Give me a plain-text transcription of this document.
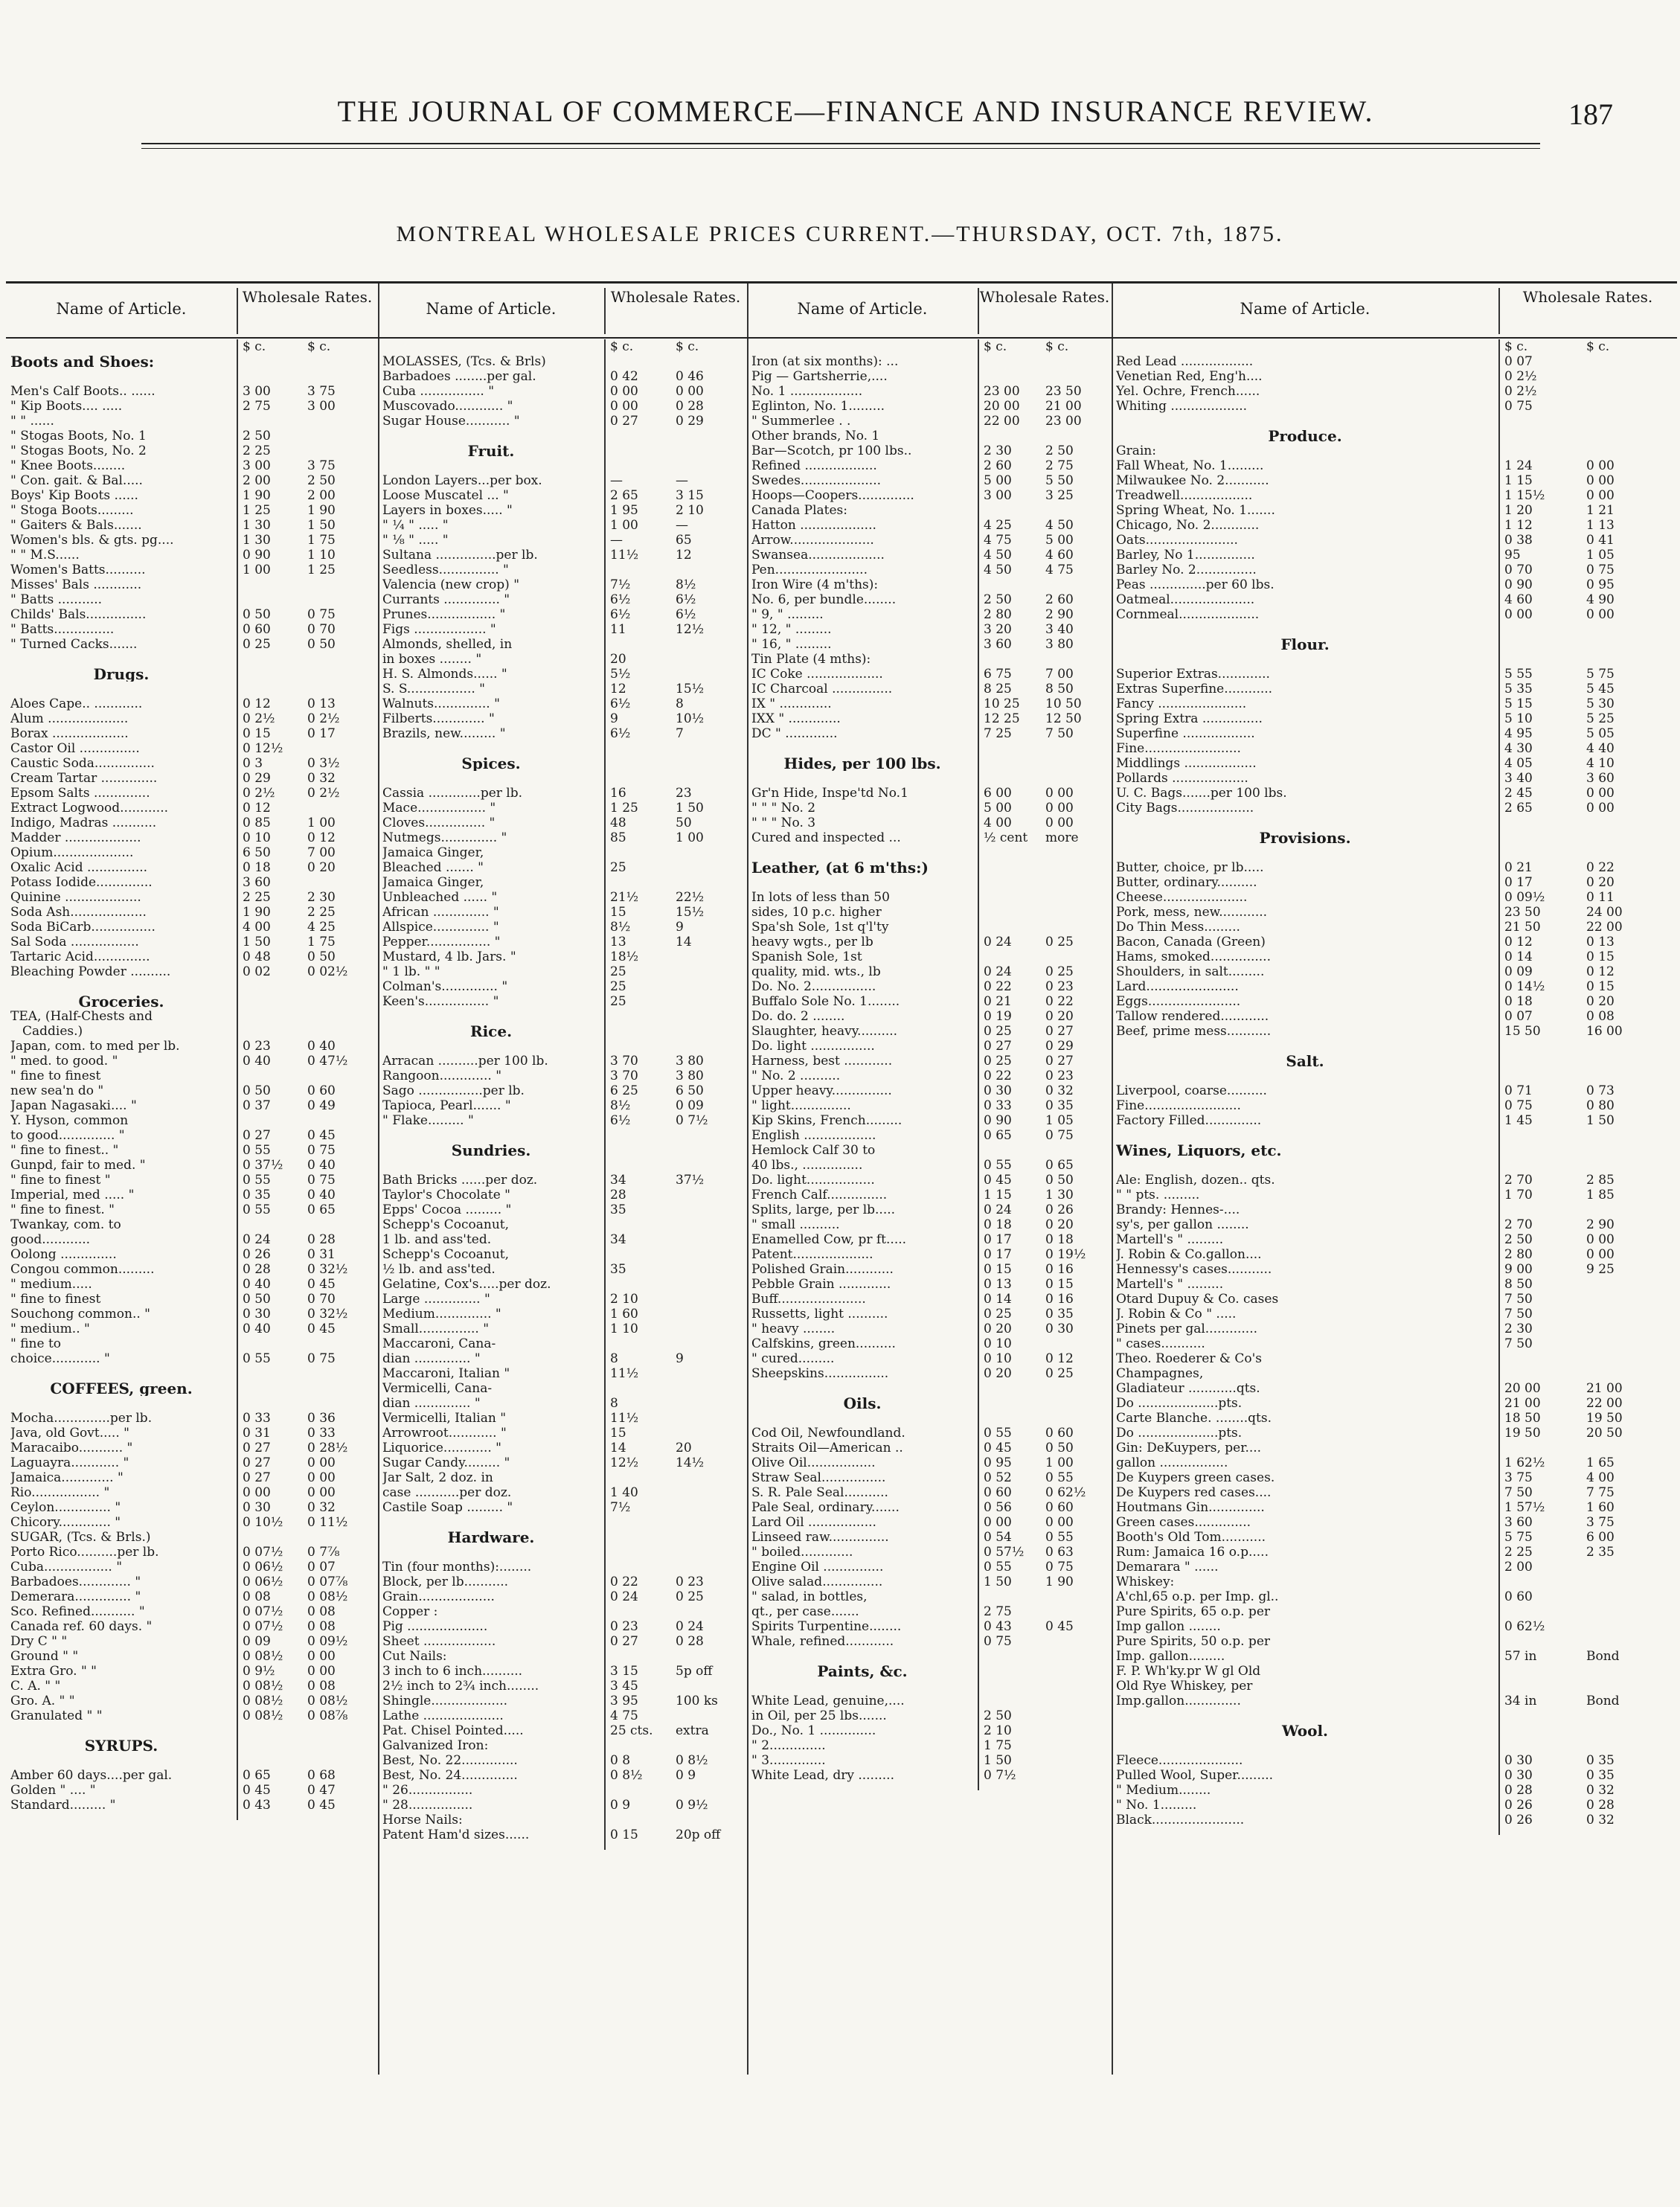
THE JOURNAL OF COMMERCE—FINANCE AND INSURANCE REVIEW.	187
MONTREAL WHOLESALE PRICES CURRENT.—THURSDAY, OCT. 7th, 1875.
Name of Article.
Wholesale Rates.
$ c.	$ c.
Boots and Shoes:
Men's Calf Boots.. ......	3 00	3 75
" Kip Boots.... .....	2 75	3 00
" " ......
" Stogas Boots, No. 1	2 50
" Stogas Boots, No. 2	2 25
" Knee Boots........	3 00	3 75
" Con. gait. & Bal.....	2 00	2 50
Boys' Kip Boots ......	1 90	2 00
" Stoga Boots.........	1 25	1 90
" Gaiters & Bals.......	1 30	1 50
Women's bls. & gts. pg....	1 30	1 75
" " M.S......	0 90	1 10
Women's Batts..........	1 00	1 25
Misses' Bals ............
" Batts ...........
Childs' Bals...............	0 50	0 75
" Batts...............	0 60	0 70
" Turned Cacks.......	0 25	0 50
Drugs.
Aloes Cape.. ............	0 12	0 13
Alum ....................	0 2½	0 2½
Borax ...................	0 15	0 17
Castor Oil ...............	0 12½
Caustic Soda...............	0 3	0 3½
Cream Tartar ..............	0 29	0 32
Epsom Salts ..............	0 2½	0 2½
Extract Logwood............	0 12
Indigo, Madras ...........	0 85	1 00
Madder ...................	0 10	0 12
Opium....................	6 50	7 00
Oxalic Acid ...............	0 18	0 20
Potass Iodide..............	3 60
Quinine ...................	2 25	2 30
Soda Ash...................	1 90	2 25
Soda BiCarb................	4 00	4 25
Sal Soda .................	1 50	1 75
Tartaric Acid..............	0 48	0 50
Bleaching Powder ..........	0 02	0 02½
Groceries.
TEA, (Half-Chests and
Caddies.)
Japan, com. to med per lb.	0 23	0 40
" med. to good. "	0 40	0 47½
" fine to finest
new sea'n do "	0 50	0 60
Japan Nagasaki.... "	0 37	0 49
Y. Hyson, common
to good.............. "	0 27	0 45
" fine to finest.. "	0 55	0 75
Gunpd, fair to med. "	0 37½ 0 40
" fine to finest "	0 55	0 75
Imperial, med ..... "	0 35	0 40
" fine to finest. "	0 55	0 65
Twankay, com. to
good............	0 24	0 28
Oolong ..............	0 26	0 31
Congou common.........	0 28	0 32½
" medium.....	0 40	0 45
" fine to finest	0 50	0 70
Souchong common.. "	0 30	0 32½
" medium.. "	0 40	0 45
" fine to
choice............ "	0 55	0 75
COFFEES, green.
Mocha..............per lb.	0 33	0 36
Java, old Govt..... "	0 31	0 33
Maracaibo........... "	0 27	0 28½
Laguayra............ "	0 27	0 00
Jamaica............. "	0 27	0 00
Rio................. "	0 00	0 00
Ceylon.............. "	0 30	0 32
Chicory............. "	0 10½ 0 11½
SUGAR, (Tcs. & Brls.)
Porto Rico..........per lb.	0 07½ 0 7⅞
Cuba................. "	0 06½ 0 07
Barbadoes............. "	0 06½ 0 07⅞
Demerara.............. "	0 08	0 08½
Sco. Refined........... "	0 07½ 0 08
Canada ref. 60 days. "	0 07½ 0 08
Dry C " "	0 09	0 09½
Ground " "	0 08½ 0 00
Extra Gro. " "	0 9½	0 00
C. A. " "	0 08½ 0 08
Gro. A. " "	0 08½ 0 08½
Granulated " "	0 08½ 0 08⅞
SYRUPS.
Amber 60 days....per gal.	0 65	0 68
Golden " .... "	0 45	0 47
Standard......... "	0 43	0 45
Name of Article.
Wholesale Rates.
$ c.	$ c.
MOLASSES, (Tcs. & Brls)
Barbadoes ........per gal.	0 42	0 46
Cuba ................ "	0 00	0 00
Muscovado............ "	0 00	0 28
Sugar House........... "	0 27	0 29
Fruit.
London Layers...per box.	—	—
Loose Muscatel ... "	2 65	3 15
Layers in boxes..... "	1 95	2 10
" ¼ " ..... "	1 00	—
" ⅛ " ..... "	—	65
Sultana ...............per lb.	11½	12
Seedless............... "
Valencia (new crop) "	7½	8½
Currants .............. "	6½	6½
Prunes................. "	6½	6½
Figs .................. "	11	12½
Almonds, shelled, in
in boxes ........ "	20
H. S. Almonds...... "	5½
S. S................. "	12	15½
Walnuts.............. "	6½	8
Filberts............. "	9	10½
Brazils, new......... "	6½	7
Spices.
Cassia .............per lb.	16	23
Mace................. "	1 25	1 50
Cloves............... "	48	50
Nutmegs.............. "	85	1 00
Jamaica Ginger,
Bleached ....... "	25
Jamaica Ginger,
Unbleached ...... "	21½	22½
African .............. "	15	15½
Allspice.............. "	8½	9
Pepper................ "	13	14
Mustard, 4 lb. Jars. "	18½
" 1 lb. " "	25
Colman's.............. "	25
Keen's................ "	25
Rice.
Arracan ..........per 100 lb.	3 70	3 80
Rangoon............. "	3 70	3 80
Sago ................per lb.	6 25	6 50
Tapioca, Pearl....... "	8½	0 09
" Flake......... "	6½	0 7½
Sundries.
Bath Bricks ......per doz.	34	37½
Taylor's Chocolate "	28
Epps' Cocoa ......... "	35
Schepp's Cocoanut,
1 lb. and ass'ted.	34
Schepp's Cocoanut,
½ lb. and ass'ted.	35
Gelatine, Cox's.....per doz.
Large .............. "	2 10
Medium.............. "	1 60
Small............... "	1 10
Maccaroni, Cana-
dian .............. "	8	9
Maccaroni, Italian "	11½
Vermicelli, Cana-
dian .............. "	8
Vermicelli, Italian "	11½
Arrowroot............ "	15
Liquorice............ "	14	20
Sugar Candy......... "	12½	14½
Jar Salt, 2 doz. in
case ...........per doz.	1 40
Castile Soap ......... "	7½
Hardware.
Tin (four months):........
Block, per lb...........	0 22	0 23
Grain...................	0 24	0 25
Copper :
Pig ....................	0 23	0 24
Sheet ..................	0 27	0 28
Cut Nails:
3 inch to 6 inch..........	3 15	5p off
2½ inch to 2¾ inch........	3 45
Shingle...................	3 95	100 ks
Lathe ....................	4 75
Pat. Chisel Pointed.....	25 cts. extra
Galvanized Iron:
Best, No. 22..............	0 8	0 8½
Best, No. 24..............	0 8½	0 9
" 26................
" 28................	0 9	0 9½
Horse Nails:
Patent Ham'd sizes......	0 15	20p off
Name of Article.
Wholesale Rates.
$ c.	$ c.
Iron (at six months): ...
Pig — Gartsherrie,....
No. 1 ..................	23 00 23 50
Eglinton, No. 1.........	20 00 21 00
" Summerlee . .	22 00 23 00
Other brands, No. 1
Bar—Scotch, pr 100 lbs..	2 30	2 50
Refined ..................	2 60	2 75
Swedes....................	5 00	5 50
Hoops—Coopers..............	3 00	3 25
Canada Plates:
Hatton ...................	4 25	4 50
Arrow.....................	4 75	5 00
Swansea...................	4 50	4 60
Pen.......................	4 50	4 75
Iron Wire (4 m'ths):
No. 6, per bundle........	2 50	2 60
" 9, " .........	2 80	2 90
" 12, " .........	3 20	3 40
" 16, " .........	3 60	3 80
Tin Plate (4 mths):
IC Coke ...................	6 75	7 00
IC Charcoal ...............	8 25	8 50
IX " .............	10 25 10 50
IXX " .............	12 25 12 50
DC " .............	7 25	7 50
Hides, per 100 lbs.
Gr'n Hide, Inspe'td No.1	6 00	0 00
" " " No. 2	5 00	0 00
" " " No. 3	4 00	0 00
Cured and inspected ...	½ cent more
Leather, (at 6 m'ths:)
In lots of less than 50
sides, 10 p.c. higher
Spa'sh Sole, 1st q'l'ty
heavy wgts., per lb	0 24	0 25
Spanish Sole, 1st
quality, mid. wts., lb	0 24	0 25
Do. No. 2................	0 22	0 23
Buffalo Sole No. 1........	0 21	0 22
Do. do. 2 ........	0 19	0 20
Slaughter, heavy..........	0 25	0 27
Do. light ................	0 27	0 29
Harness, best ............	0 25	0 27
" No. 2 ..........	0 22	0 23
Upper heavy...............	0 30	0 32
" light...............	0 33	0 35
Kip Skins, French.........	0 90	1 05
English ..................	0 65	0 75
Hemlock Calf 30 to
40 lbs., ...............	0 55	0 65
Do. light.................	0 45	0 50
French Calf...............	1 15	1 30
Splits, large, per lb.....	0 24	0 26
" small ..........	0 18	0 20
Enamelled Cow, pr ft.....	0 17	0 18
Patent....................	0 17	0 19½
Polished Grain............	0 15	0 16
Pebble Grain .............	0 13	0 15
Buff......................	0 14	0 16
Russetts, light ..........	0 25	0 35
" heavy ........	0 20	0 30
Calfskins, green..........	0 10
" cured.........	0 10	0 12
Sheepskins................	0 20	0 25
Oils.
Cod Oil, Newfoundland.	0 55	0 60
Straits Oil—American ..	0 45	0 50
Olive Oil.................	0 95	1 00
Straw Seal................	0 52	0 55
S. R. Pale Seal...........	0 60	0 62½
Pale Seal, ordinary.......	0 56	0 60
Lard Oil .................	0 00	0 00
Linseed raw...............	0 54	0 55
" boiled.............	0 57½ 0 63
Engine Oil ...............	0 55	0 75
Olive salad...............	1 50	1 90
" salad, in bottles,
qt., per case.......	2 75
Spirits Turpentine........	0 43	0 45
Whale, refined............	0 75
Paints, &c.
White Lead, genuine,....
in Oil, per 25 lbs.......	2 50
Do., No. 1 ..............	2 10
" 2..............	1 75
" 3..............	1 50
White Lead, dry .........	0 7½
Name of Article.
Wholesale Rates.
$ c.	$ c.
Red Lead ..................	0 07
Venetian Red, Eng'h....	0 2½
Yel. Ochre, French......	0 2½
Whiting ...................	0 75
Produce.
Grain:
Fall Wheat, No. 1.........	1 24	0 00
Milwaukee No. 2...........	1 15	0 00
Treadwell..................	1 15½	0 00
Spring Wheat, No. 1.......	1 20	1 21
Chicago, No. 2............	1 12	1 13
Oats.......................	0 38	0 41
Barley, No 1...............	95	1 05
Barley No. 2...............	0 70	0 75
Peas ..............per 60 lbs.	0 90	0 95
Oatmeal.....................	4 60	4 90
Cornmeal....................	0 00	0 00
Flour.
Superior Extras.............	5 55	5 75
Extras Superfine............	5 35	5 45
Fancy ......................	5 15	5 30
Spring Extra ...............	5 10	5 25
Superfine ..................	4 95	5 05
Fine........................	4 30	4 40
Middlings ..................	4 05	4 10
Pollards ...................	3 40	3 60
U. C. Bags.......per 100 lbs.	2 45	0 00
City Bags...................	2 65	0 00
Provisions.
Butter, choice, pr lb.....	0 21	0 22
Butter, ordinary..........	0 17	0 20
Cheese.....................	0 09½	0 11
Pork, mess, new............	23 50	24 00
Do Thin Mess.........	21 50	22 00
Bacon, Canada (Green)	0 12	0 13
Hams, smoked...............	0 14	0 15
Shoulders, in salt.........	0 09	0 12
Lard.......................	0 14½	0 15
Eggs.......................	0 18	0 20
Tallow rendered............	0 07	0 08
Beef, prime mess...........	15 50	16 00
Salt.
Liverpool, coarse..........	0 71	0 73
Fine........................	0 75	0 80
Factory Filled..............	1 45	1 50
Wines, Liquors, etc.
Ale: English, dozen.. qts.	2 70	2 85
" " pts. .........	1 70	1 85
Brandy: Hennes-....
sy's, per gallon ........	2 70	2 90
Martell's " .........	2 50	0 00
J. Robin & Co.gallon....	2 80	0 00
Hennessy's cases...........	9 00	9 25
Martell's " .........	8 50
Otard Dupuy & Co. cases	7 50
J. Robin & Co " .....	7 50
Pinets per gal.............	2 30
" cases...........	7 50
Theo. Roederer & Co's
Champagnes,
Gladiateur ............qts.	20 00	21 00
Do ....................pts.	21 00	22 00
Carte Blanche. ........qts.	18 50	19 50
Do ....................pts.	19 50	20 50
Gin: DeKuypers, per....
gallon .................	1 62½	1 65
De Kuypers green cases.	3 75	4 00
De Kuypers red cases....	7 50	7 75
Houtmans Gin..............	1 57½	1 60
Green cases..............	3 60	3 75
Booth's Old Tom...........	5 75	6 00
Rum: Jamaica 16 o.p.....	2 25	2 35
Demarara " ......	2 00
Whiskey:
A'chl,65 o.p. per Imp. gl..	0 60
Pure Spirits, 65 o.p. per
Imp gallon ........	0 62½
Pure Spirits, 50 o.p. per
Imp. gallon.........	57 in	Bond
F. P. Wh'ky.pr W gl Old
Old Rye Whiskey, per
Imp.gallon..............	34 in	Bond
Wool.
Fleece.....................	0 30	0 35
Pulled Wool, Super.........	0 30	0 35
" Medium........	0 28	0 32
" No. 1.........	0 26	0 28
Black.......................	0 26	0 32
